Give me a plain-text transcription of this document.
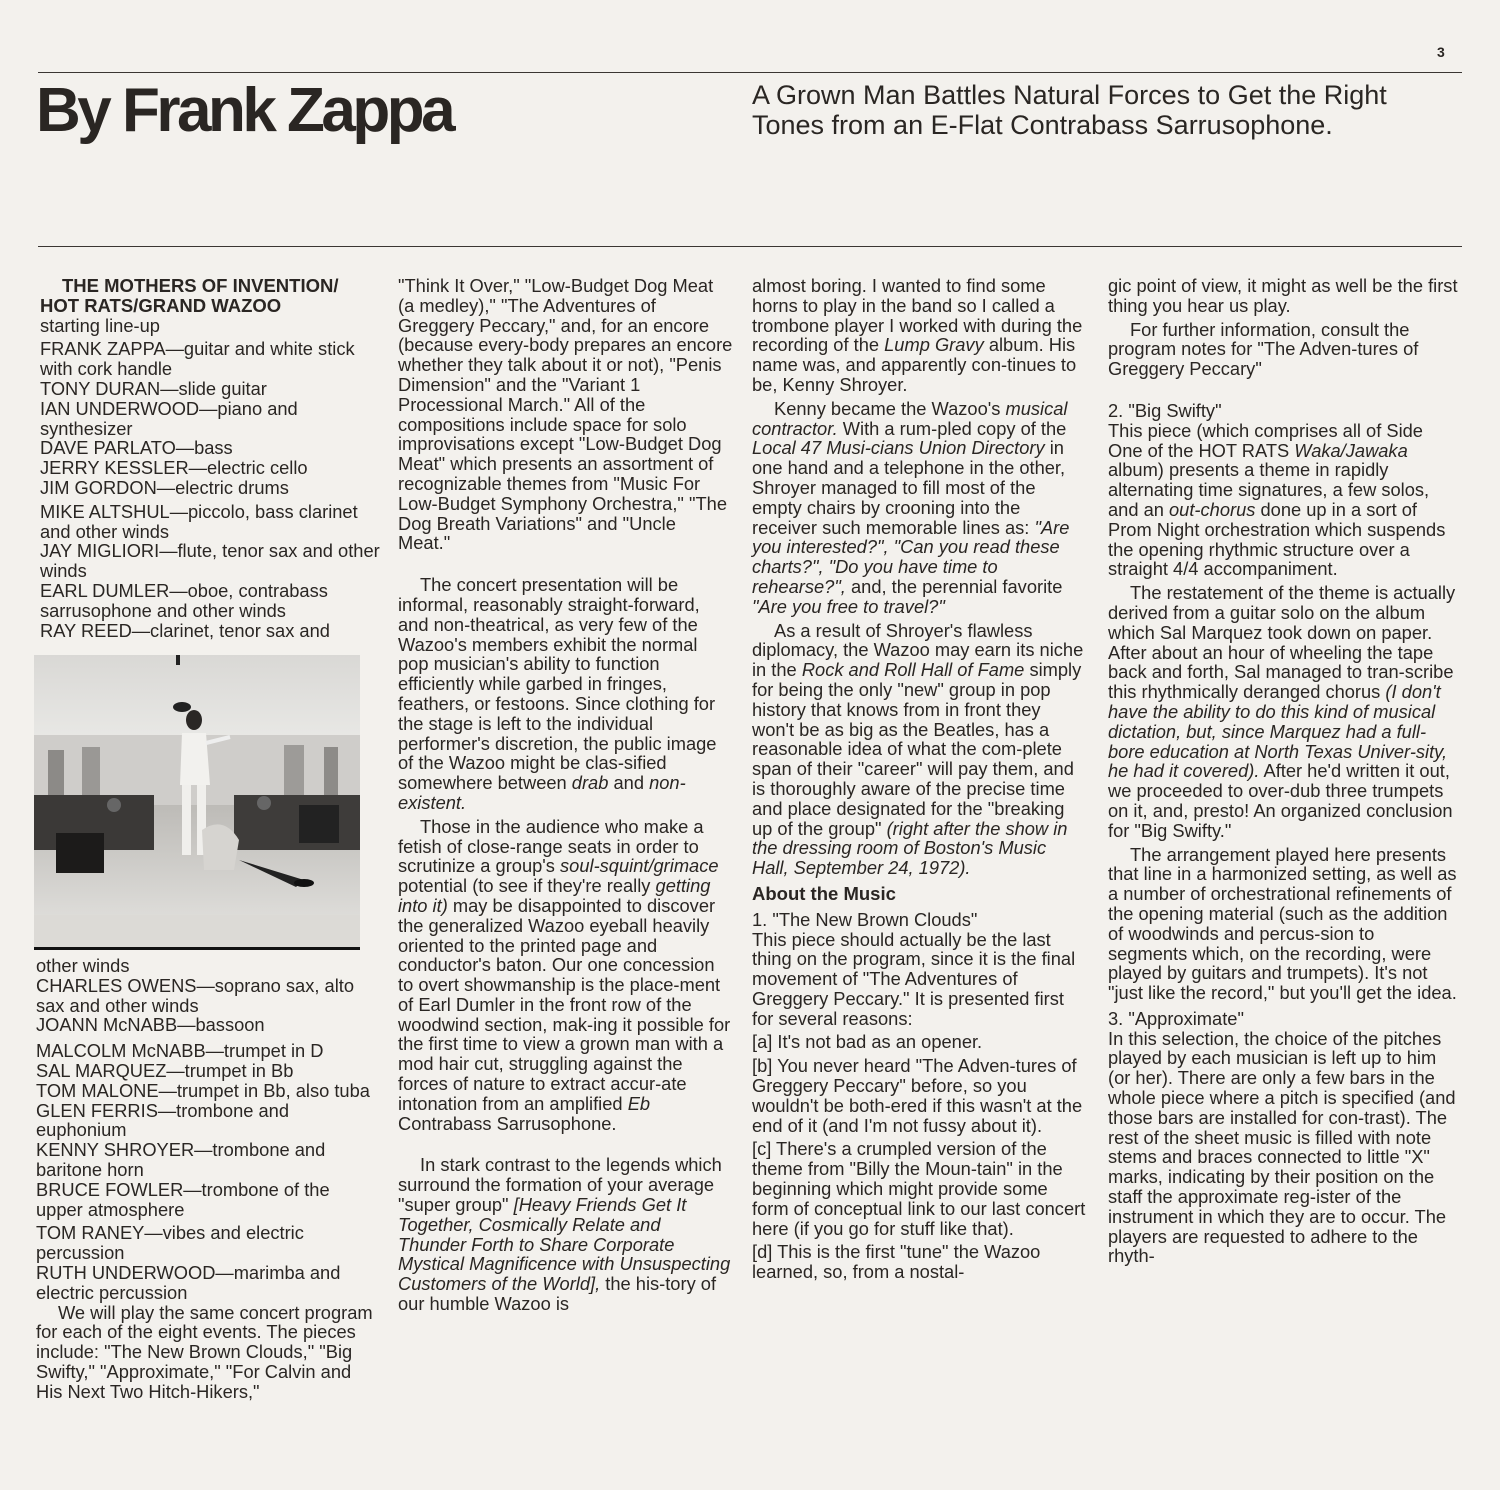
3
By Frank Zappa	A Grown Man Battles Natural Forces to Get the Right Tones from an E-Flat Contrabass Sarrusophone.

THE MOTHERS OF INVENTION/

HOT RATS/GRAND WAZOO

starting line-up

FRANK ZAPPA—guitar and white stick with cork handle

TONY DURAN—slide guitar

IAN UNDERWOOD—piano and synthesizer

DAVE PARLATO—bass

JERRY KESSLER—electric cello

JIM GORDON—electric drums

MIKE ALTSHUL—piccolo, bass clarinet and other winds

JAY MIGLIORI—flute, tenor sax and other winds

EARL DUMLER—oboe, contrabass sarrusophone and other winds

RAY REED—clarinet, tenor sax and

other winds

CHARLES OWENS—soprano sax, alto sax and other winds

JOANN McNABB—bassoon

MALCOLM McNABB—trumpet in D

SAL MARQUEZ—trumpet in Bb

TOM MALONE—trumpet in Bb, also tuba

GLEN FERRIS—trombone and euphonium

KENNY SHROYER—trombone and baritone horn

BRUCE FOWLER—trombone of the upper atmosphere

TOM RANEY—vibes and electric percussion

RUTH UNDERWOOD—marimba and electric percussion

We will play the same concert program for each of the eight events. The pieces include: "The New Brown Clouds," "Big Swifty," "Approximate," "For Calvin and His Next Two Hitch-Hikers,"

"Think It Over," "Low-Budget Dog Meat (a medley)," "The Adventures of Greggery Peccary," and, for an encore (because every-body prepares an encore whether they talk about it or not), "Penis Dimension" and the "Variant 1 Processional March." All of the compositions include space for solo improvisations except "Low-Budget Dog Meat" which presents an assortment of recognizable themes from "Music For Low-Budget Symphony Orchestra," "The Dog Breath Variations" and "Uncle Meat."

The concert presentation will be informal, reasonably straight-forward, and non-theatrical, as very few of the Wazoo's members exhibit the normal pop musician's ability to function efficiently while garbed in fringes, feathers, or festoons. Since clothing for the stage is left to the individual performer's discretion, the public image of the Wazoo might be clas-sified somewhere between drab and non-existent.

Those in the audience who make a fetish of close-range seats in order to scrutinize a group's soul-squint/grimace potential (to see if they're really getting into it) may be disappointed to discover the generalized Wazoo eyeball heavily oriented to the printed page and conductor's baton. Our one concession to overt showmanship is the place-ment of Earl Dumler in the front row of the woodwind section, mak-ing it possible for the first time to view a grown man with a mod hair cut, struggling against the forces of nature to extract accur-ate intonation from an amplified Eb Contrabass Sarrusophone.

In stark contrast to the legends which surround the formation of your average "super group" [Heavy Friends Get It Together, Cosmically Relate and Thunder Forth to Share Corporate Mystical Magnificence with Unsuspecting Customers of the World], the his-tory of our humble Wazoo is

almost boring. I wanted to find some horns to play in the band so I called a trombone player I worked with during the recording of the Lump Gravy album. His name was, and apparently con-tinues to be, Kenny Shroyer.

Kenny became the Wazoo's musical contractor. With a rum-pled copy of the Local 47 Musi-cians Union Directory in one hand and a telephone in the other, Shroyer managed to fill most of the empty chairs by crooning into the receiver such memorable lines as: "Are you interested?", "Can you read these charts?", "Do you have time to rehearse?", and, the perennial favorite "Are you free to travel?"

As a result of Shroyer's flawless diplomacy, the Wazoo may earn its niche in the Rock and Roll Hall of Fame simply for being the only "new" group in pop history that knows from in front they won't be as big as the Beatles, has a reasonable idea of what the com-plete span of their "career" will pay them, and is thoroughly aware of the precise time and place designated for the "breaking up of the group" (right after the show in the dressing room of Boston's Music Hall, September 24, 1972).

About the Music

1. "The New Brown Clouds"

This piece should actually be the last thing on the program, since it is the final movement of "The Adventures of Greggery Peccary." It is presented first for several reasons:

[a] It's not bad as an opener.

[b] You never heard "The Adven-tures of Greggery Peccary" before, so you wouldn't be both-ered if this wasn't at the end of it (and I'm not fussy about it).

[c] There's a crumpled version of the theme from "Billy the Moun-tain" in the beginning which might provide some form of conceptual link to our last concert here (if you go for stuff like that).

[d] This is the first "tune" the Wazoo learned, so, from a nostal-

gic point of view, it might as well be the first thing you hear us play.

For further information, consult the program notes for "The Adven-tures of Greggery Peccary"

2. "Big Swifty"

This piece (which comprises all of Side One of the HOT RATS Waka/Jawaka album) presents a theme in rapidly alternating time signatures, a few solos, and an out-chorus done up in a sort of Prom Night orchestration which suspends the opening rhythmic structure over a straight 4/4 accompaniment.

The restatement of the theme is actually derived from a guitar solo on the album which Sal Marquez took down on paper. After about an hour of wheeling the tape back and forth, Sal managed to tran-scribe this rhythmically deranged chorus (I don't have the ability to do this kind of musical dictation, but, since Marquez had a full-bore education at North Texas Univer-sity, he had it covered). After he'd written it out, we proceeded to over-dub three trumpets on it, and, presto! An organized conclusion for "Big Swifty."

The arrangement played here presents that line in a harmonized setting, as well as a number of orchestrational refinements of the opening material (such as the addition of woodwinds and percus-sion to segments which, on the recording, were played by guitars and trumpets). It's not "just like the record," but you'll get the idea.

3. "Approximate"

In this selection, the choice of the pitches played by each musician is left up to him (or her). There are only a few bars in the whole piece where a pitch is specified (and those bars are installed for con-trast). The rest of the sheet music is filled with note stems and braces connected to little "X" marks, indicating by their position on the staff the approximate reg-ister of the instrument in which they are to occur. The players are requested to adhere to the rhyth-
